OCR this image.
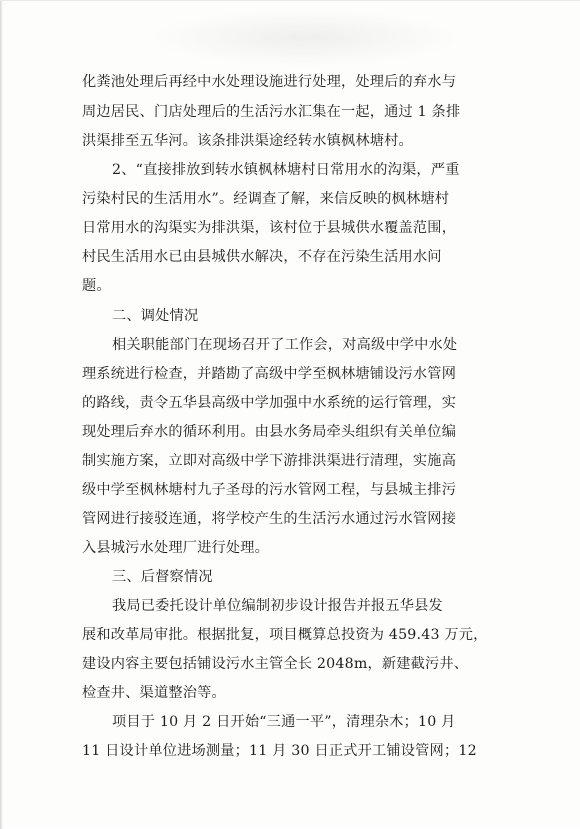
化粪池处理后再经中水处理设施进行处理，处理后的弃水与
周边居民、门店处理后的生活污水汇集在一起，通过 1 条排
洪渠排至五华河。该条排洪渠途经转水镇枫林塘村。
2、“直接排放到转水镇枫林塘村日常用水的沟渠，严重
污染村民的生活用水”。经调查了解，来信反映的枫林塘村
日常用水的沟渠实为排洪渠，该村位于县城供水覆盖范围，
村民生活用水已由县城供水解决，不存在污染生活用水问
题。
二、调处情况
相关职能部门在现场召开了工作会，对高级中学中水处
理系统进行检查，并踏勘了高级中学至枫林塘铺设污水管网
的路线，责令五华县高级中学加强中水系统的运行管理，实
现处理后弃水的循环利用。由县水务局牵头组织有关单位编
制实施方案，立即对高级中学下游排洪渠进行清理，实施高
级中学至枫林塘村九子圣母的污水管网工程，与县城主排污
管网进行接驳连通，将学校产生的生活污水通过污水管网接
入县城污水处理厂进行处理。
三、后督察情况
我局已委托设计单位编制初步设计报告并报五华县发
展和改革局审批。根据批复，项目概算总投资为 459.43 万元，
建设内容主要包括铺设污水主管全长 2048m，新建截污井、
检查井、渠道整治等。
项目于 10 月 2 日开始“三通一平”，清理杂木；10 月
11 日设计单位进场测量；11 月 30 日正式开工铺设管网；12
